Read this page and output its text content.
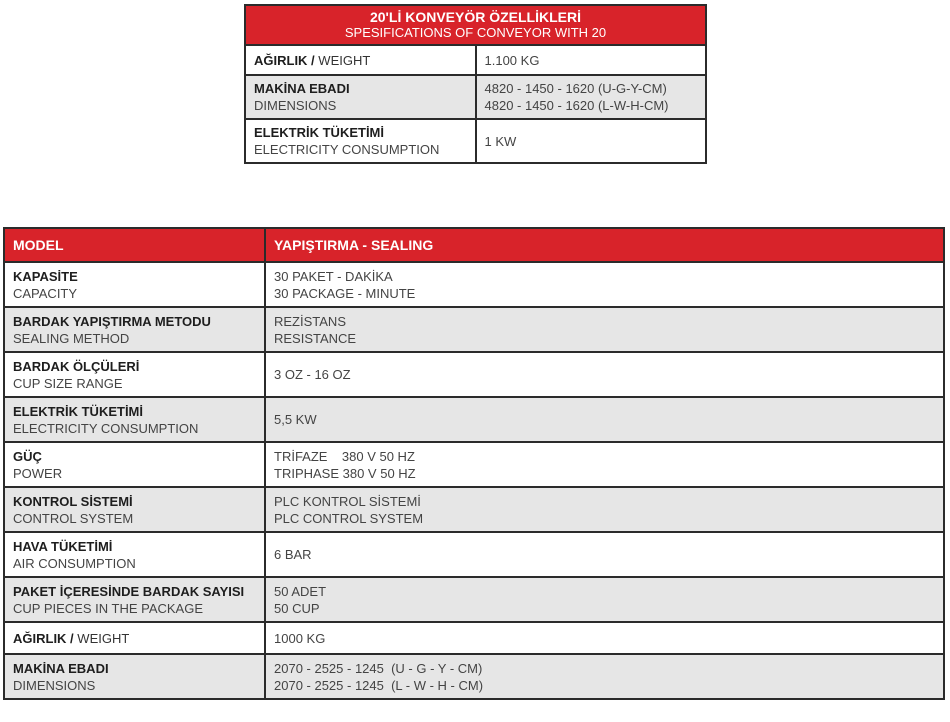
20'Lİ KONVEYÖR ÖZELLİKLERİ
SPESIFICATIONS OF CONVEYOR WITH 20	

AĞIRLIK / WEIGHT	1.100 KG

MAKİNA EBADI
DIMENSIONS	4820 - 1450 - 1620 (U-G-Y-CM)
4820 - 1450 - 1620 (L-W-H-CM)

ELEKTRİK TÜKETİMİ
ELECTRICITY CONSUMPTION	1 KW
MODEL	YAPIŞTIRMA - SEALING

KAPASİTE
CAPACITY	30 PAKET - DAKİKA
30 PACKAGE - MINUTE

BARDAK YAPIŞTIRMA METODU
SEALING METHOD	REZİSTANS
RESISTANCE

BARDAK ÖLÇÜLERİ
CUP SIZE RANGE	3 OZ - 16 OZ

ELEKTRİK TÜKETİMİ
ELECTRICITY CONSUMPTION	5,5 KW

GÜÇ
POWER	TRİFAZE    380 V 50 HZ
TRIPHASE 380 V 50 HZ

KONTROL SİSTEMİ
CONTROL SYSTEM	PLC KONTROL SİSTEMİ
PLC CONTROL SYSTEM

HAVA TÜKETİMİ
AIR CONSUMPTION	6 BAR

PAKET İÇERESİNDE BARDAK SAYISI
CUP PIECES IN THE PACKAGE	50 ADET
50 CUP

AĞIRLIK / WEIGHT	1000 KG

MAKİNA EBADI
DIMENSIONS	2070 - 2525 - 1245  (U - G - Y - CM)
2070 - 2525 - 1245  (L - W - H - CM)
